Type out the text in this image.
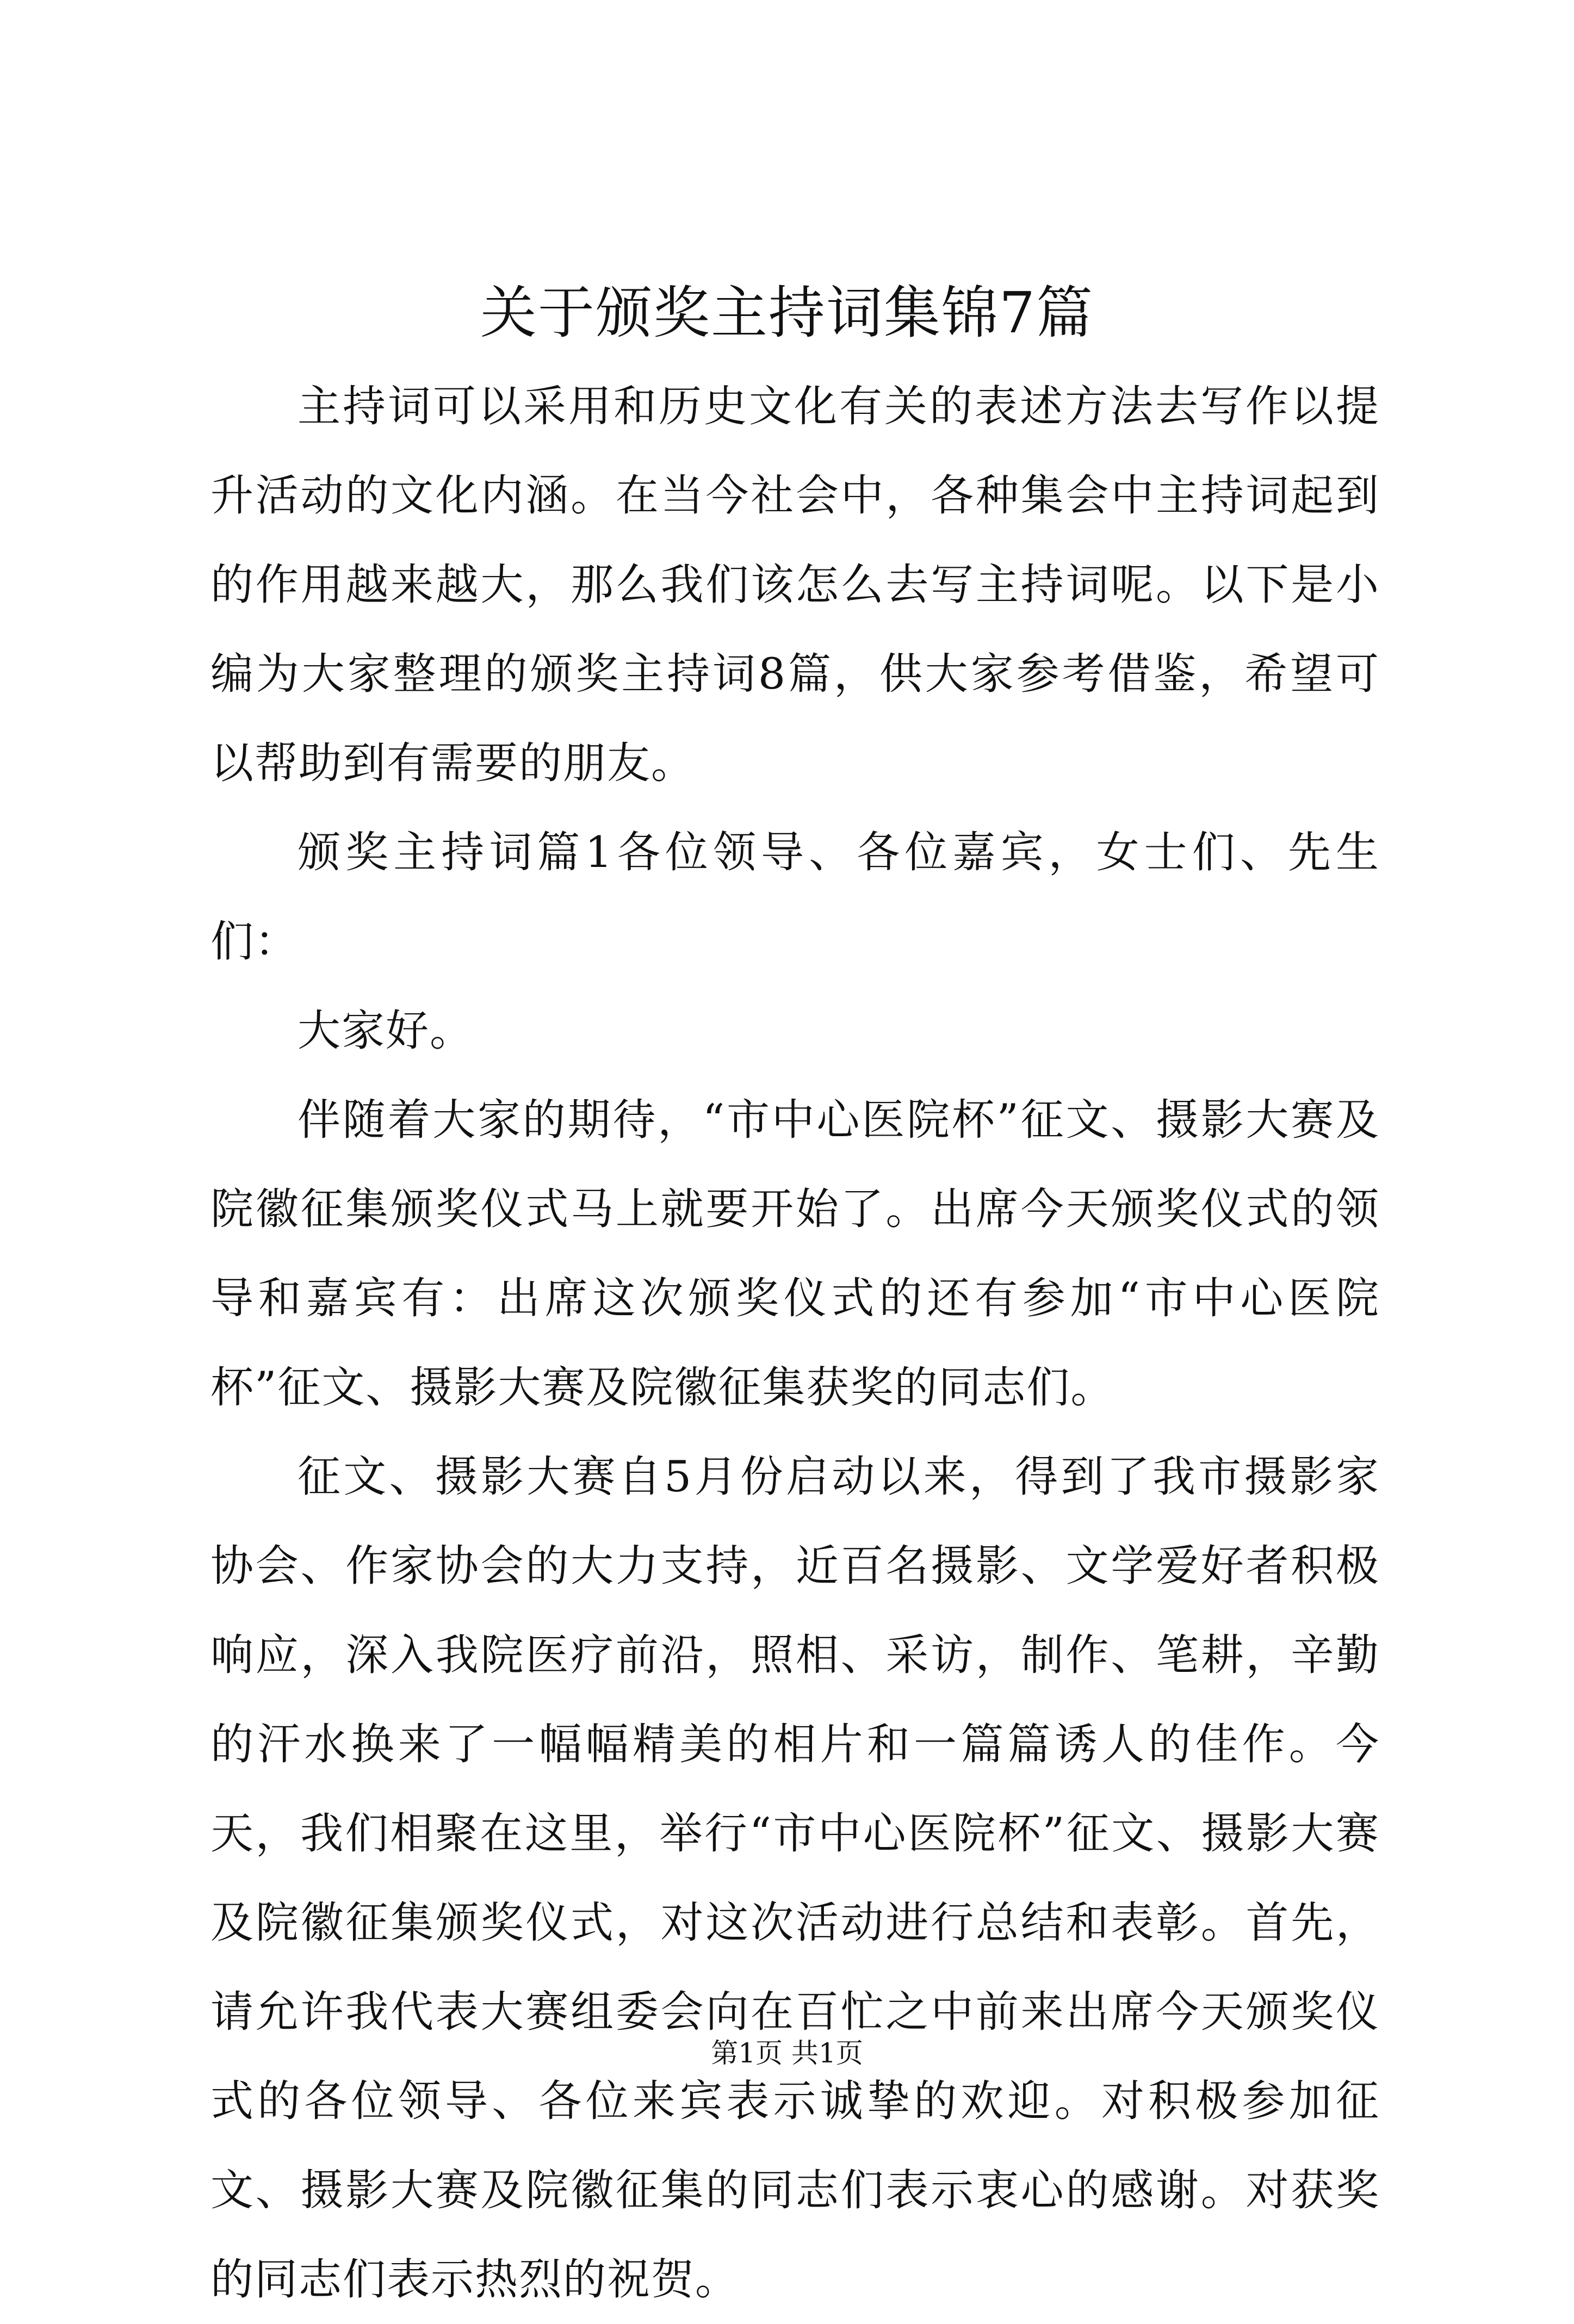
关于颁奖主持词集锦7篇

主持词可以采用和历史文化有关的表述方法去写作以提升活动的文化内涵。在当今社会中，各种集会中主持词起到的作用越来越大，那么我们该怎么去写主持词呢。以下是小编为大家整理的颁奖主持词8篇，供大家参考借鉴，希望可以帮助到有需要的朋友。

颁奖主持词篇1各位领导、各位嘉宾，女士们、先生们：

大家好。

伴随着大家的期待，“市中心医院杯”征文、摄影大赛及院徽征集颁奖仪式马上就要开始了。出席今天颁奖仪式的领导和嘉宾有：出席这次颁奖仪式的还有参加“市中心医院杯”征文、摄影大赛及院徽征集获奖的同志们。

征文、摄影大赛自5月份启动以来，得到了我市摄影家协会、作家协会的大力支持，近百名摄影、文学爱好者积极响应，深入我院医疗前沿，照相、采访，制作、笔耕，辛勤的汗水换来了一幅幅精美的相片和一篇篇诱人的佳作。今天，我们相聚在这里，举行“市中心医院杯”征文、摄影大赛及院徽征集颁奖仪式，对这次活动进行总结和表彰。首先，请允许我代表大赛组委会向在百忙之中前来出席今天颁奖仪式的各位领导、各位来宾表示诚挚的欢迎。对积极参加征文、摄影大赛及院徽征集的同志们表示衷心的感谢。对获奖的同志们表示热烈的祝贺。

第1页 共1页
